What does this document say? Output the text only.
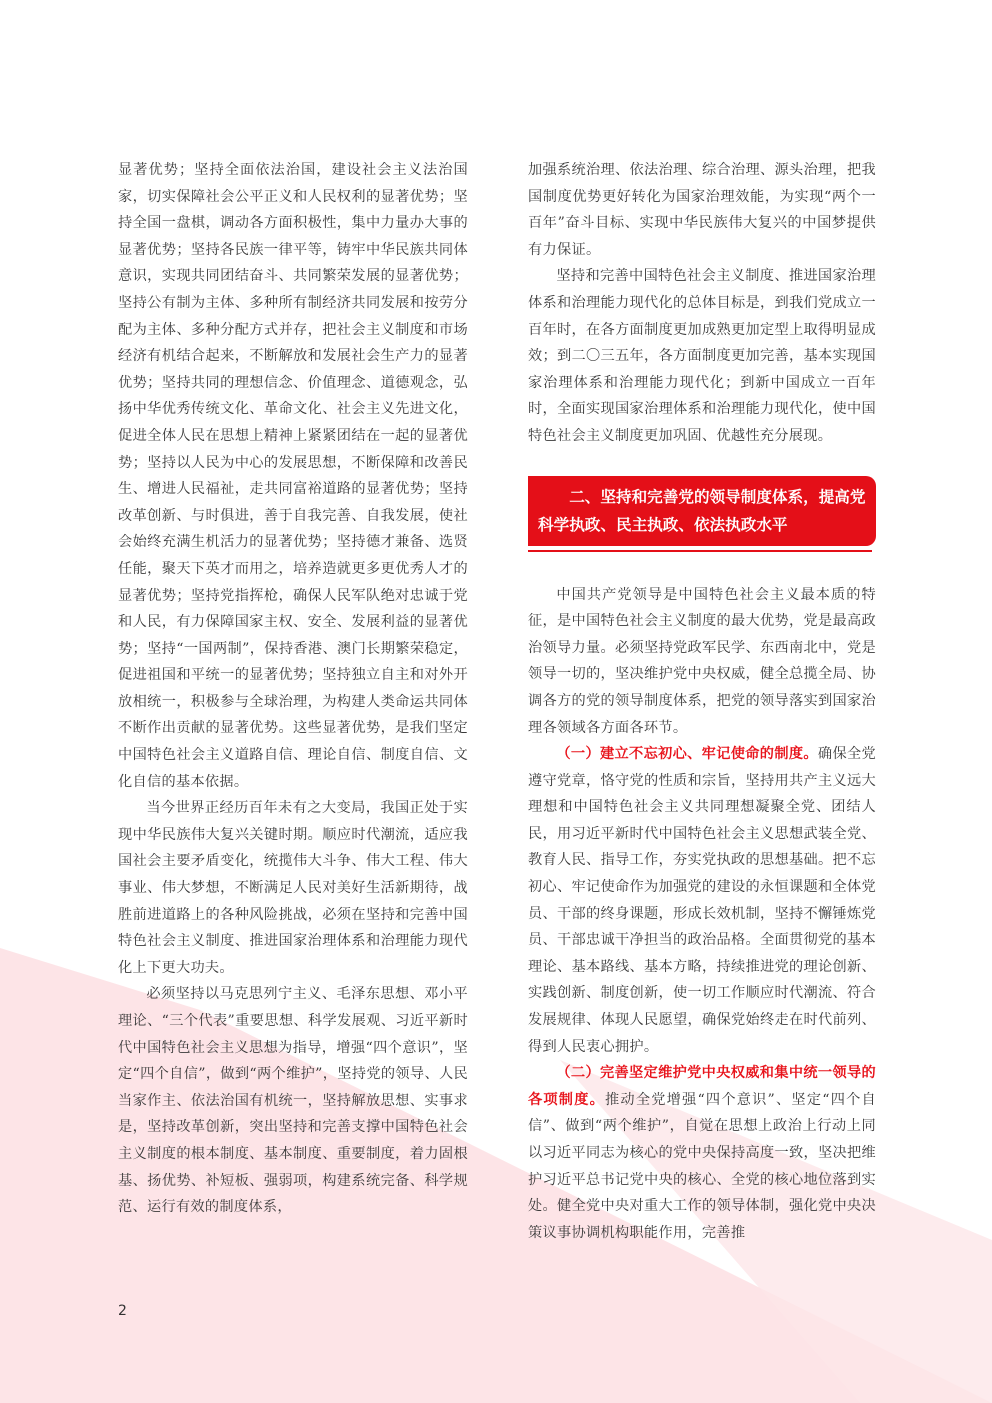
显著优势；坚持全面依法治国，建设社会主义法治国家，切实保障社会公平正义和人民权利的显著优势；坚持全国一盘棋，调动各方面积极性，集中力量办大事的显著优势；坚持各民族一律平等，铸牢中华民族共同体意识，实现共同团结奋斗、共同繁荣发展的显著优势；坚持公有制为主体、多种所有制经济共同发展和按劳分配为主体、多种分配方式并存，把社会主义制度和市场经济有机结合起来，不断解放和发展社会生产力的显著优势；坚持共同的理想信念、价值理念、道德观念，弘扬中华优秀传统文化、革命文化、社会主义先进文化，促进全体人民在思想上精神上紧紧团结在一起的显著优势；坚持以人民为中心的发展思想，不断保障和改善民生、增进人民福祉，走共同富裕道路的显著优势；坚持改革创新、与时俱进，善于自我完善、自我发展，使社会始终充满生机活力的显著优势；坚持德才兼备、选贤任能，聚天下英才而用之，培养造就更多更优秀人才的显著优势；坚持党指挥枪，确保人民军队绝对忠诚于党和人民，有力保障国家主权、安全、发展利益的显著优势；坚持“一国两制”，保持香港、澳门长期繁荣稳定，促进祖国和平统一的显著优势；坚持独立自主和对外开放相统一，积极参与全球治理，为构建人类命运共同体不断作出贡献的显著优势。这些显著优势，是我们坚定中国特色社会主义道路自信、理论自信、制度自信、文化自信的基本依据。

当今世界正经历百年未有之大变局，我国正处于实现中华民族伟大复兴关键时期。顺应时代潮流，适应我国社会主要矛盾变化，统揽伟大斗争、伟大工程、伟大事业、伟大梦想，不断满足人民对美好生活新期待，战胜前进道路上的各种风险挑战，必须在坚持和完善中国特色社会主义制度、推进国家治理体系和治理能力现代化上下更大功夫。

必须坚持以马克思列宁主义、毛泽东思想、邓小平理论、“三个代表”重要思想、科学发展观、习近平新时代中国特色社会主义思想为指导，增强“四个意识”，坚定“四个自信”，做到“两个维护”，坚持党的领导、人民当家作主、依法治国有机统一，坚持解放思想、实事求是，坚持改革创新，突出坚持和完善支撑中国特色社会主义制度的根本制度、基本制度、重要制度，着力固根基、扬优势、补短板、强弱项，构建系统完备、科学规范、运行有效的制度体系，

加强系统治理、依法治理、综合治理、源头治理，把我国制度优势更好转化为国家治理效能，为实现“两个一百年”奋斗目标、实现中华民族伟大复兴的中国梦提供有力保证。

坚持和完善中国特色社会主义制度、推进国家治理体系和治理能力现代化的总体目标是，到我们党成立一百年时，在各方面制度更加成熟更加定型上取得明显成效；到二〇三五年，各方面制度更加完善，基本实现国家治理体系和治理能力现代化；到新中国成立一百年时，全面实现国家治理体系和治理能力现代化，使中国特色社会主义制度更加巩固、优越性充分展现。

二、坚持和完善党的领导制度体系，提高党
科学执政、民主执政、依法执政水平

中国共产党领导是中国特色社会主义最本质的特征，是中国特色社会主义制度的最大优势，党是最高政治领导力量。必须坚持党政军民学、东西南北中，党是领导一切的，坚决维护党中央权威，健全总揽全局、协调各方的党的领导制度体系，把党的领导落实到国家治理各领域各方面各环节。

（一）建立不忘初心、牢记使命的制度。确保全党遵守党章，恪守党的性质和宗旨，坚持用共产主义远大理想和中国特色社会主义共同理想凝聚全党、团结人民，用习近平新时代中国特色社会主义思想武装全党、教育人民、指导工作，夯实党执政的思想基础。把不忘初心、牢记使命作为加强党的建设的永恒课题和全体党员、干部的终身课题，形成长效机制，坚持不懈锤炼党员、干部忠诚干净担当的政治品格。全面贯彻党的基本理论、基本路线、基本方略，持续推进党的理论创新、实践创新、制度创新，使一切工作顺应时代潮流、符合发展规律、体现人民愿望，确保党始终走在时代前列、得到人民衷心拥护。

（二）完善坚定维护党中央权威和集中统一领导的各项制度。推动全党增强“四个意识”、坚定“四个自信”、做到“两个维护”，自觉在思想上政治上行动上同以习近平同志为核心的党中央保持高度一致，坚决把维护习近平总书记党中央的核心、全党的核心地位落到实处。健全党中央对重大工作的领导体制，强化党中央决策议事协调机构职能作用，完善推

2
